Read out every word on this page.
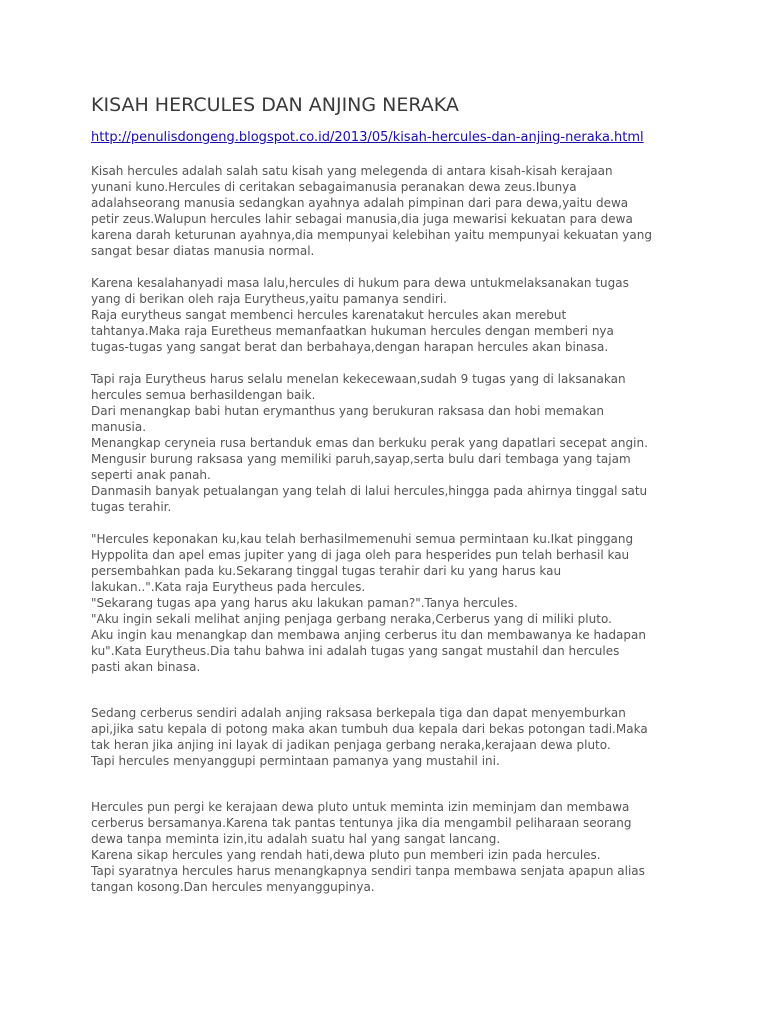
KISAH HERCULES DAN ANJING NERAKA
http://penulisdongeng.blogspot.co.id/2013/05/kisah-hercules-dan-anjing-neraka.html
Kisah hercules adalah salah satu kisah yang melegenda di antara kisah-kisah kerajaan
yunani kuno.Hercules di ceritakan sebagaimanusia peranakan dewa zeus.Ibunya
adalahseorang manusia sedangkan ayahnya adalah pimpinan dari para dewa,yaitu dewa
petir zeus.Walupun hercules lahir sebagai manusia,dia juga mewarisi kekuatan para dewa
karena darah keturunan ayahnya,dia mempunyai kelebihan yaitu mempunyai kekuatan yang
sangat besar diatas manusia normal.
Karena kesalahanyadi masa lalu,hercules di hukum para dewa untukmelaksanakan tugas
yang di berikan oleh raja Eurytheus,yaitu pamanya sendiri.
Raja eurytheus sangat membenci hercules karenatakut hercules akan merebut
tahtanya.Maka raja Euretheus memanfaatkan hukuman hercules dengan memberi nya
tugas-tugas yang sangat berat dan berbahaya,dengan harapan hercules akan binasa.
Tapi raja Eurytheus harus selalu menelan kekecewaan,sudah 9 tugas yang di laksanakan
hercules semua berhasildengan baik.
Dari menangkap babi hutan erymanthus yang berukuran raksasa dan hobi memakan
manusia.
Menangkap ceryneia rusa bertanduk emas dan berkuku perak yang dapatlari secepat angin.
Mengusir burung raksasa yang memiliki paruh,sayap,serta bulu dari tembaga yang tajam
seperti anak panah.
Danmasih banyak petualangan yang telah di lalui hercules,hingga pada ahirnya tinggal satu
tugas terahir.
"Hercules keponakan ku,kau telah berhasilmemenuhi semua permintaan ku.Ikat pinggang
Hyppolita dan apel emas jupiter yang di jaga oleh para hesperides pun telah berhasil kau
persembahkan pada ku.Sekarang tinggal tugas terahir dari ku yang harus kau
lakukan..".Kata raja Eurytheus pada hercules.
"Sekarang tugas apa yang harus aku lakukan paman?".Tanya hercules.
"Aku ingin sekali melihat anjing penjaga gerbang neraka,Cerberus yang di miliki pluto.
Aku ingin kau menangkap dan membawa anjing cerberus itu dan membawanya ke hadapan
ku".Kata Eurytheus.Dia tahu bahwa ini adalah tugas yang sangat mustahil dan hercules
pasti akan binasa.
Sedang cerberus sendiri adalah anjing raksasa berkepala tiga dan dapat menyemburkan
api,jika satu kepala di potong maka akan tumbuh dua kepala dari bekas potongan tadi.Maka
tak heran jika anjing ini layak di jadikan penjaga gerbang neraka,kerajaan dewa pluto.
Tapi hercules menyanggupi permintaan pamanya yang mustahil ini.
Hercules pun pergi ke kerajaan dewa pluto untuk meminta izin meminjam dan membawa
cerberus bersamanya.Karena tak pantas tentunya jika dia mengambil peliharaan seorang
dewa tanpa meminta izin,itu adalah suatu hal yang sangat lancang.
Karena sikap hercules yang rendah hati,dewa pluto pun memberi izin pada hercules.
Tapi syaratnya hercules harus menangkapnya sendiri tanpa membawa senjata apapun alias
tangan kosong.Dan hercules menyanggupinya.
